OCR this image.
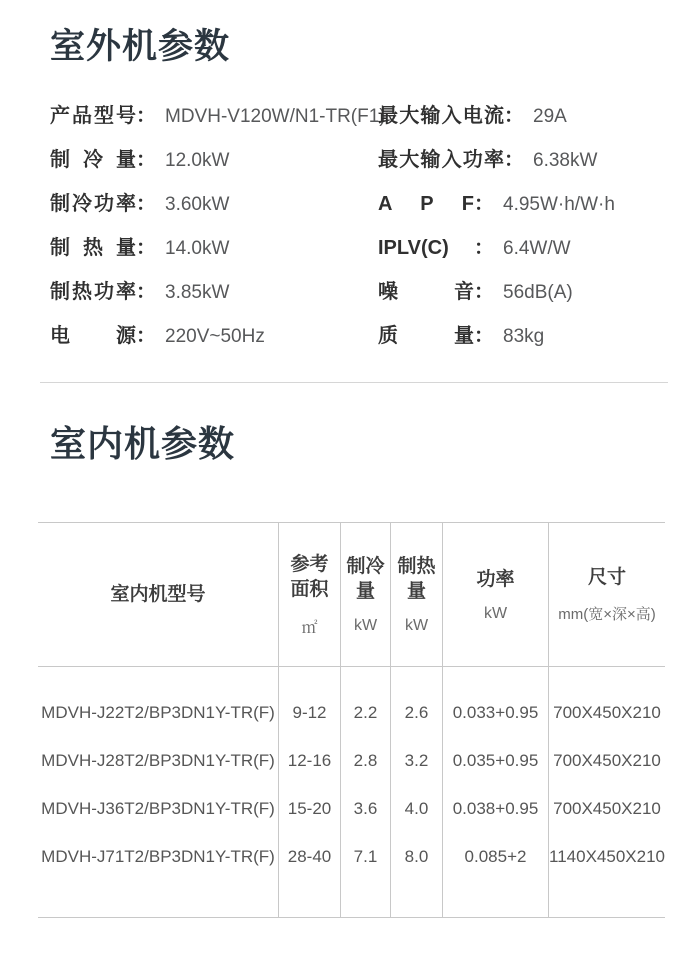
室外机参数
产品型号： MDVH-V120W/N1-TR(F1)
制冷量： 12.0kW
制冷功率： 3.60kW
制热量： 14.0kW
制热功率： 3.85kW
电源： 220V~50Hz
最大输入电流： 29A
最大输入功率： 6.38kW
A P F： 4.95W·h/W·h
IPLV(C) ： 6.4W/W
噪音： 56dB(A)
质量： 83kg
室内机参数
室内机型号
MDVH-J22T2/BP3DN1Y-TR(F)
MDVH-J28T2/BP3DN1Y-TR(F)
MDVH-J36T2/BP3DN1Y-TR(F)
MDVH-J71T2/BP3DN1Y-TR(F)
参考
面积
㎡
9-12
12-16
15-20
28-40
制冷
量
kW
2.2
2.8
3.6
7.1
制热
量
kW
2.6
3.2
4.0
8.0
功率
kW
0.033+0.95
0.035+0.95
0.038+0.95
0.085+2
尺寸
mm(宽×深×高)
700X450X210
700X450X210
700X450X210
1140X450X210
